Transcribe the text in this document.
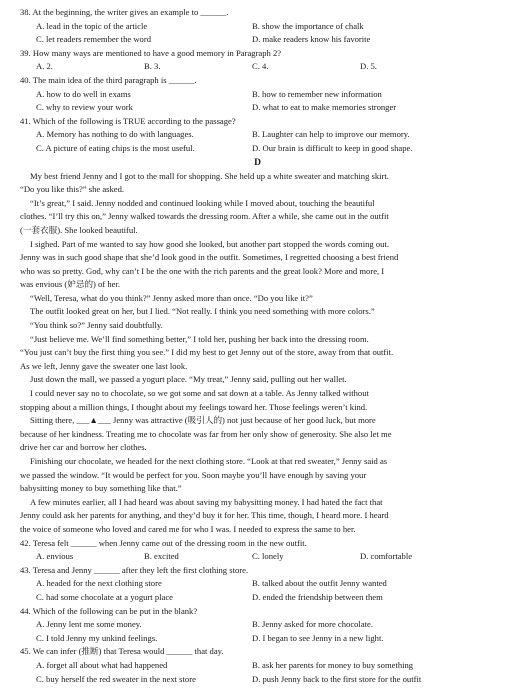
38. At the beginning, the writer gives an example to ______.
A. lead in the topic of the article	B. show the importance of chalk
C. let readers remember the word	D. make readers know his favorite
39. How many ways are mentioned to have a good memory in Paragraph 2?
A. 2.	B. 3.	C. 4.	D. 5.
40. The main idea of the third paragraph is ______.
A. how to do well in exams	B. how to remember new information
C. why to review your work	D. what to eat to make memories stronger
41. Which of the following is TRUE according to the passage?
A. Memory has nothing to do with languages.	B. Laughter can help to improve our memory.
C. A picture of eating chips is the most useful.	D. Our brain is difficult to keep in good shape.
D
My best friend Jenny and I got to the mall for shopping. She held up a white sweater and matching skirt.
“Do you like this?” she asked.
“It’s great,” I said. Jenny nodded and continued looking while I moved about, touching the beautiful
clothes. “I’ll try this on,” Jenny walked towards the dressing room. After a while, she came out in the outfit
(一套衣服). She looked beautiful.
I sighed. Part of me wanted to say how good she looked, but another part stopped the words coming out.
Jenny was in such good shape that she’d look good in the outfit. Sometimes, I regretted choosing a best friend
who was so pretty. God, why can’t I be the one with the rich parents and the great look? More and more, I
was envious (妒忌的) of her.
“Well, Teresa, what do you think?” Jenny asked more than once. “Do you like it?”
The outfit looked great on her, but I lied. “Not really. I think you need something with more colors.”
“You think so?” Jenny said doubtfully.
“Just believe me. We’ll find something better,” I told her, pushing her back into the dressing room.
“You just can’t buy the first thing you see.” I did my best to get Jenny out of the store, away from that outfit.
As we left, Jenny gave the sweater one last look.
Just down the mall, we passed a yogurt place. “My treat,” Jenny said, pulling out her wallet.
I could never say no to chocolate, so we got some and sat down at a table. As Jenny talked without
stopping about a million things, I thought about my feelings toward her. Those feelings weren’t kind.
Sitting there, ___▲___ Jenny was attractive (吸引人的) not just because of her good luck, but more
because of her kindness. Treating me to chocolate was far from her only show of generosity. She also let me
drive her car and borrow her clothes.
Finishing our chocolate, we headed for the next clothing store. “Look at that red sweater,” Jenny said as
we passed the window. “It would be perfect for you. Soon maybe you’ll have enough by saving your
babysitting money to buy something like that.”
A few minutes earlier, all I had heard was about saving my babysitting money. I had hated the fact that
Jenny could ask her parents for anything, and they’d buy it for her. This time, though, I heard more. I heard
the voice of someone who loved and cared me for who I was. I needed to express the same to her.
42. Teresa felt ______ when Jenny came out of the dressing room in the new outfit.
A. envious	B. excited	C. lonely	D. comfortable
43. Teresa and Jenny ______ after they left the first clothing store.
A. headed for the next clothing store	B. talked about the outfit Jenny wanted
C. had some chocolate at a yogurt place	D. ended the friendship between them
44. Which of the following can be put in the blank?
A. Jenny lent me some money.	B. Jenny asked for more chocolate.
C. I told Jenny my unkind feelings.	D. I began to see Jenny in a new light.
45. We can infer (推断) that Teresa would ______ that day.
A. forget all about what had happened	B. ask her parents for money to buy something
C. buy herself the red sweater in the next store	D. push Jenny back to the first store for the outfit
